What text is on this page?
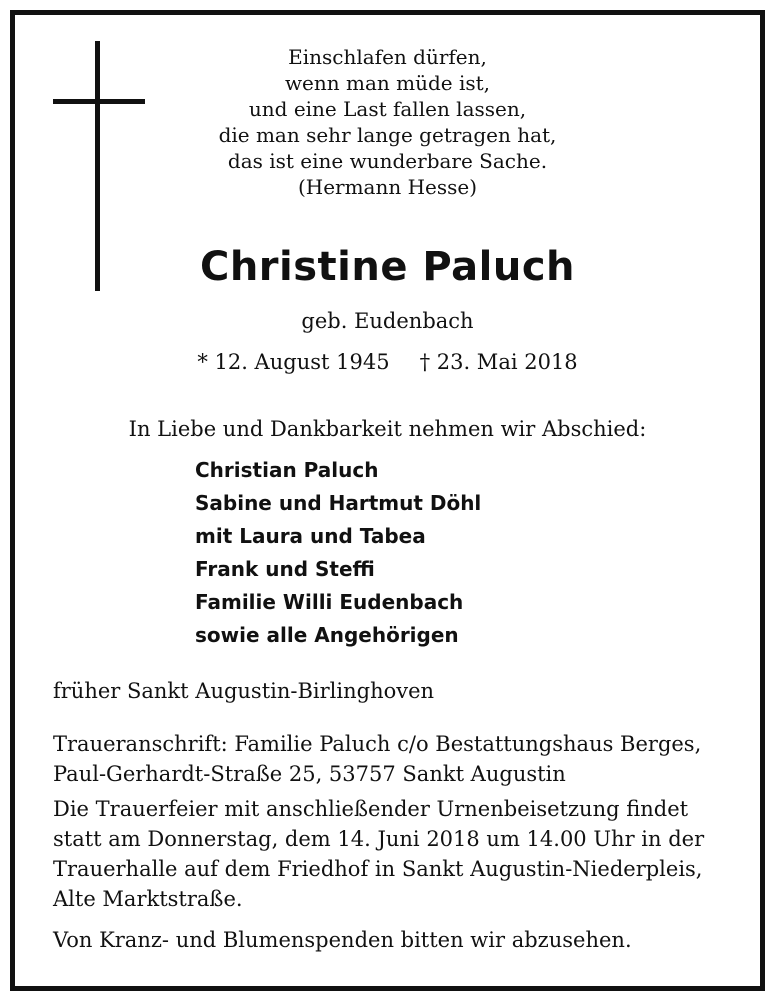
Einschlafen dürfen,
wenn man müde ist,
und eine Last fallen lassen,
die man sehr lange getragen hat,
das ist eine wunderbare Sache.
(Hermann Hesse)
Christine Paluch
geb. Eudenbach
* 12. August 1945 † 23. Mai 2018
In Liebe und Dankbarkeit nehmen wir Abschied:
Christian Paluch
Sabine und Hartmut Döhl
mit Laura und Tabea
Frank und Steffi
Familie Willi Eudenbach
sowie alle Angehörigen
früher Sankt Augustin-Birlinghoven
Traueranschrift: Familie Paluch c/o Bestattungshaus Berges,
Paul-Gerhardt-Straße 25, 53757 Sankt Augustin
Die Trauerfeier mit anschließender Urnenbeisetzung findet
statt am Donnerstag, dem 14. Juni 2018 um 14.00 Uhr in der
Trauerhalle auf dem Friedhof in Sankt Augustin-Niederpleis,
Alte Marktstraße.
Von Kranz- und Blumenspenden bitten wir abzusehen.
